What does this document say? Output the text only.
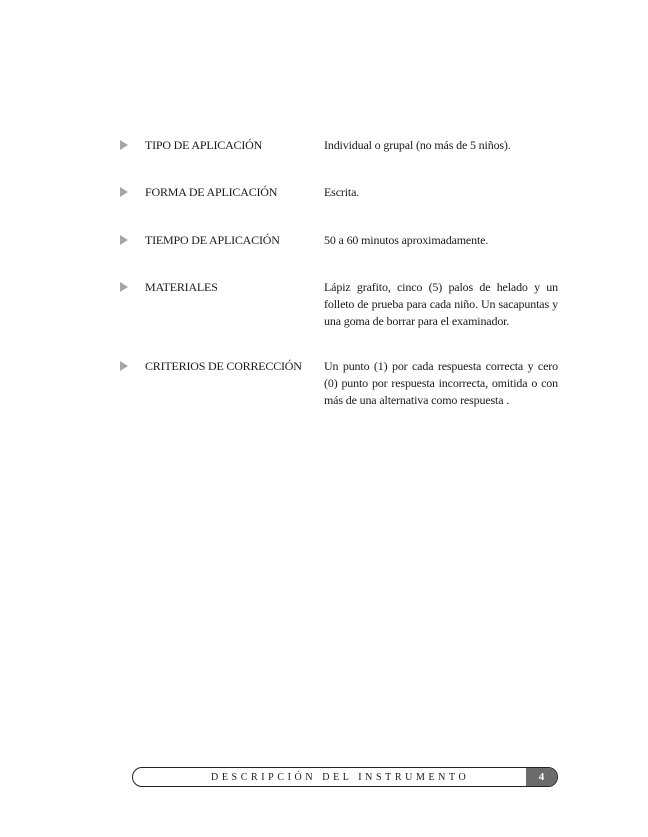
TIPO DE APLICACIÓN	Individual o grupal (no más de 5 niños).
FORMA DE APLICACIÓN	Escrita.
TIEMPO DE APLICACIÓN	50 a 60 minutos aproximadamente.
MATERIALES	Lápiz grafito, cinco (5) palos de helado y un folleto de prueba para cada niño. Un sacapuntas y una goma de borrar para el examinador.
CRITERIOS DE CORRECCIÓN Un punto (1) por cada respuesta correcta y cero (0) punto por respuesta incorrecta, omitida o con más de una alternativa como respuesta .
DESCRIPCIÓN DEL INSTRUMENTO	4
